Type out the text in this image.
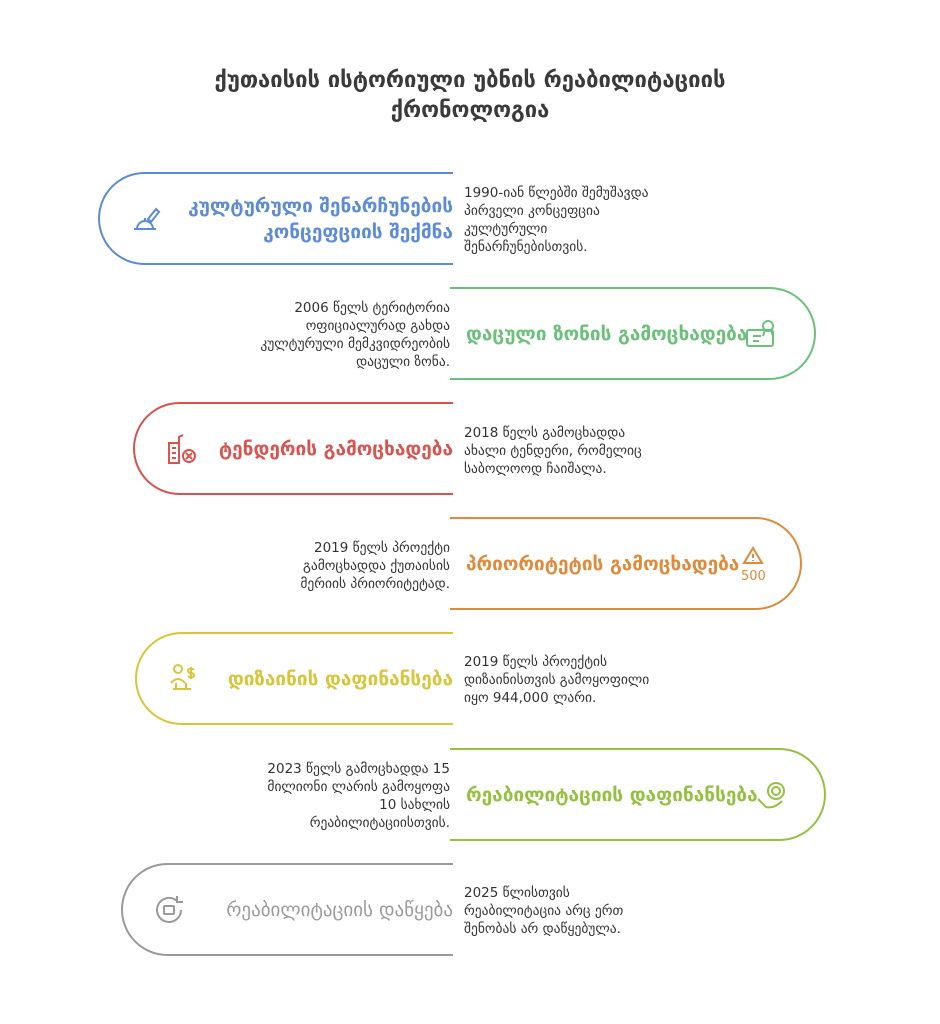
ქუთაისის ისტორიული უბნის რეაბილიტაციის
ქრონოლოგია
კულტურული შენარჩუნების
კონცეფციის შექმნა
1990-იან წლებში შემუშავდა
პირველი კონცეფცია
კულტურული
შენარჩუნებისთვის.
დაცული ზონის გამოცხადება
2006 წელს ტერიტორია
ოფიციალურად გახდა
კულტურული მემკვიდრეობის
დაცული ზონა.
ტენდერის გამოცხადება
2018 წელს გამოცხადდა
ახალი ტენდერი, რომელიც
საბოლოოდ ჩაიშალა.
პრიორიტეტის გამოცხადება
500
2019 წელს პროექტი
გამოცხადდა ქუთაისის
მერიის პრიორიტეტად.
დიზაინის დაფინანსება
2019 წელს პროექტის
დიზაინისთვის გამოყოფილი
იყო 944,000 ლარი.
რეაბილიტაციის დაფინანსება
2023 წელს გამოცხადდა 15
მილიონი ლარის გამოყოფა
10 სახლის
რეაბილიტაციისთვის.
რეაბილიტაციის დაწყება
2025 წლისთვის
რეაბილიტაცია არც ერთ
შენობას არ დაწყებულა.
